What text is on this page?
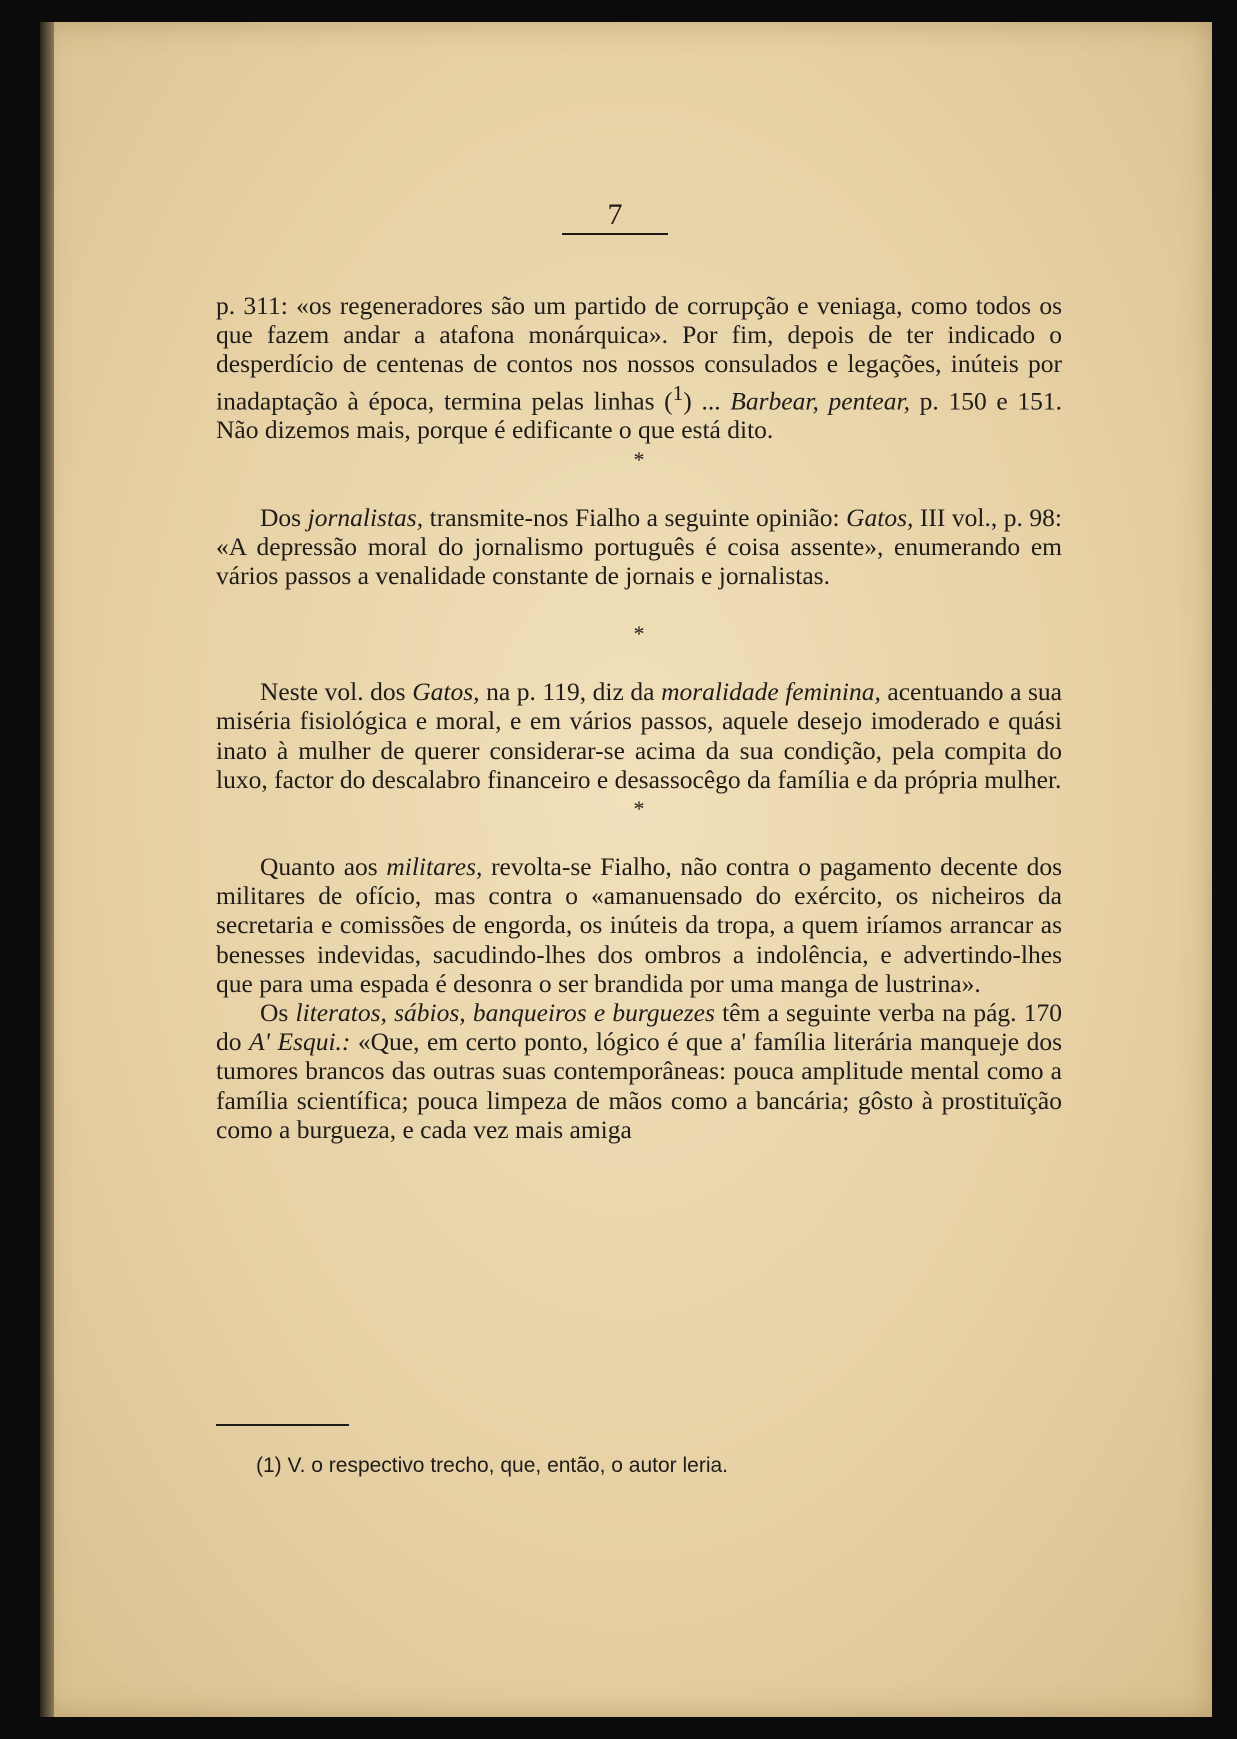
7

p. 311: «os regeneradores são um partido de corrupção e veniaga, como todos os que fazem andar a atafona monárquica». Por fim, depois de ter indicado o desperdício de centenas de contos nos nossos consulados e legações, inúteis por inadaptação à época, termina pelas linhas ($^1$) ... Barbear, pentear, p. 150 e 151. Não dizemos mais, porque é edificante o que está dito.

*

Dos jornalistas, transmite-nos Fialho a seguinte opinião: Gatos, III vol., p. 98: «A depressão moral do jornalismo português é coisa assente», enumerando em vários passos a venalidade constante de jornais e jornalistas.

*

Neste vol. dos Gatos, na p. 119, diz da moralidade feminina, acentuando a sua miséria fisiológica e moral, e em vários passos, aquele desejo imoderado e quási inato à mulher de querer considerar-se acima da sua condição, pela compita do luxo, factor do descalabro financeiro e desassocêgo da família e da própria mulher.

*

Quanto aos militares, revolta-se Fialho, não contra o pagamento decente dos militares de ofício, mas contra o «amanuensado do exército, os nicheiros da secretaria e comissões de engorda, os inúteis da tropa, a quem iríamos arrancar as benesses indevidas, sacudindo-lhes dos ombros a indolência, e advertindo-lhes que para uma espada é desonra o ser brandida por uma manga de lustrina».

Os literatos, sábios, banqueiros e burguezes têm a seguinte verba na pág. 170 do A' Esqui.: «Que, em certo ponto, lógico é que a' família literária manqueje dos tumores brancos das outras suas contemporâneas: pouca amplitude mental como a família scientífica; pouca limpeza de mãos como a bancária; gôsto à prostituïção como a burgueza, e cada vez mais amiga

(1) V. o respectivo trecho, que, então, o autor leria.
